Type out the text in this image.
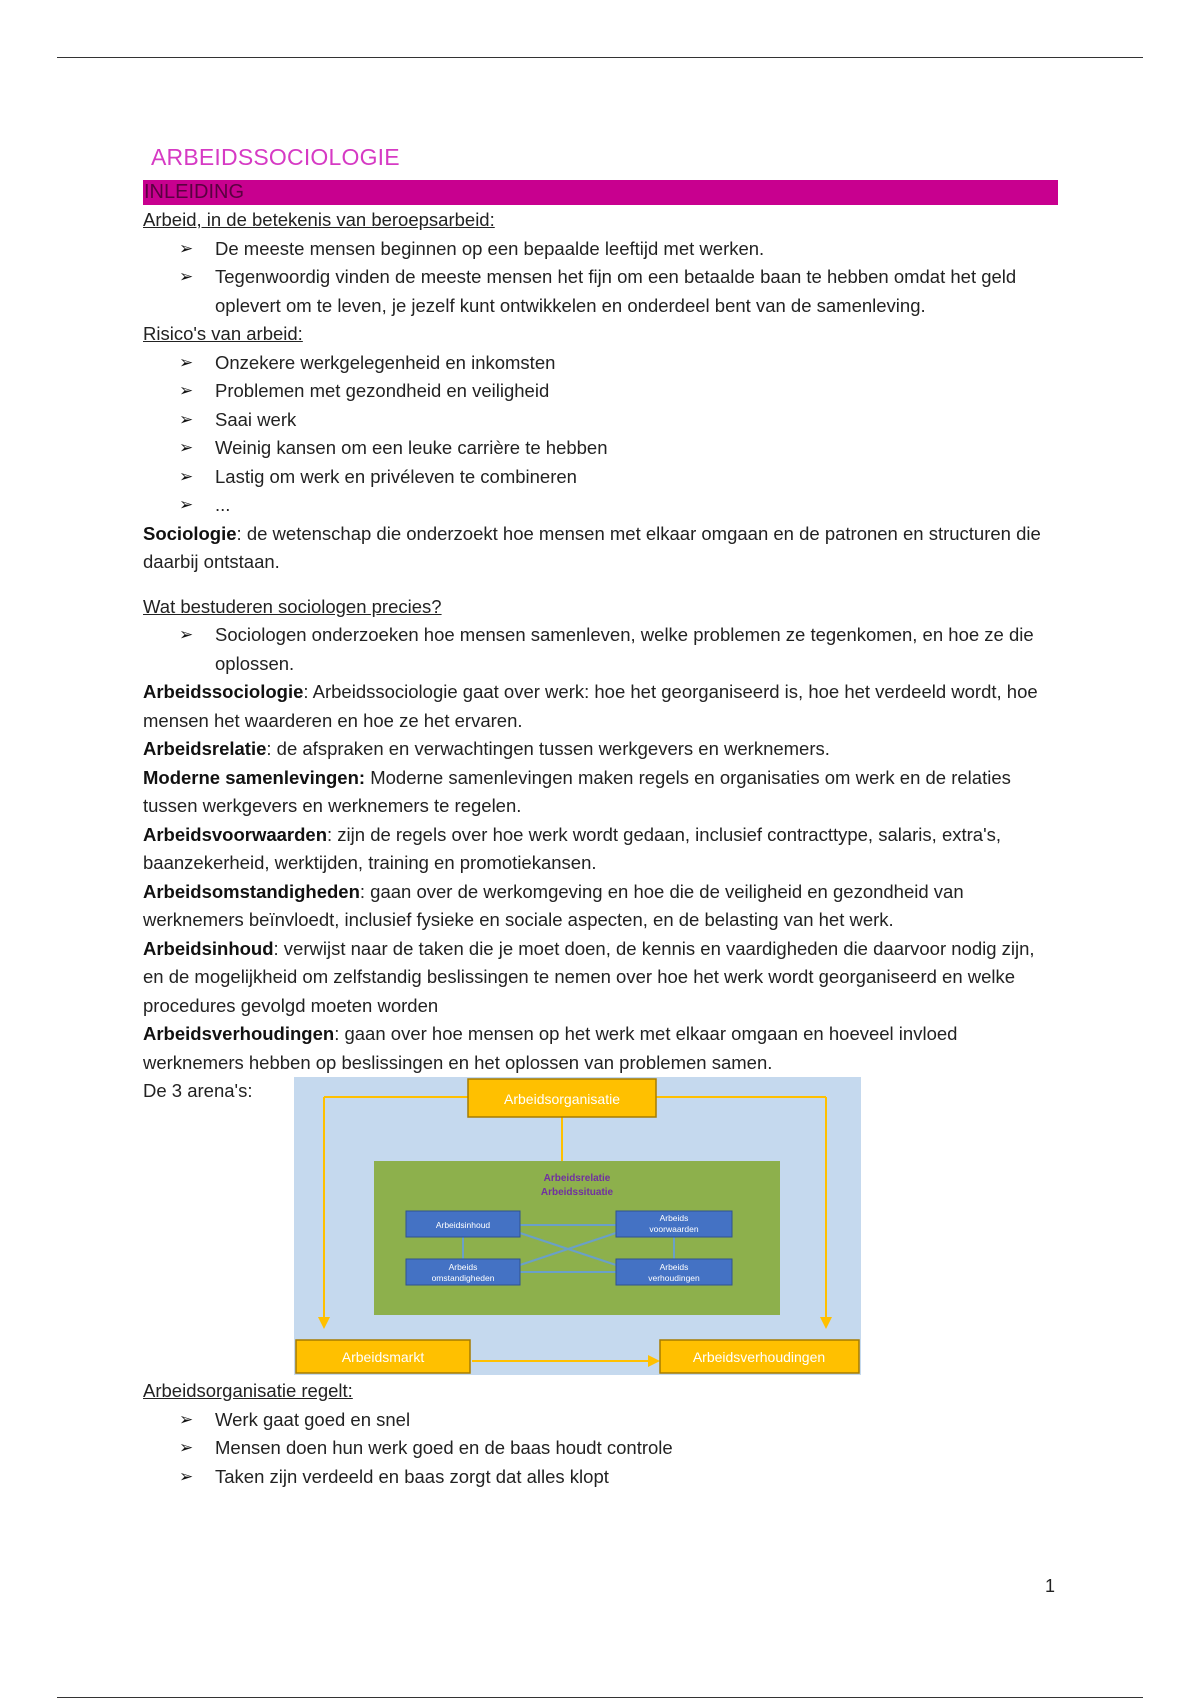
ARBEIDSSOCIOLOGIE
INLEIDING
Arbeid, in de betekenis van beroepsarbeid:
➢ De meeste mensen beginnen op een bepaalde leeftijd met werken.
➢ Tegenwoordig vinden de meeste mensen het fijn om een betaalde baan te hebben omdat het geld oplevert om te leven, je jezelf kunt ontwikkelen en onderdeel bent van de samenleving.
Risico's van arbeid:
➢ Onzekere werkgelegenheid en inkomsten
➢ Problemen met gezondheid en veiligheid
➢ Saai werk
➢ Weinig kansen om een leuke carrière te hebben
➢ Lastig om werk en privéleven te combineren
➢ ...
Sociologie: de wetenschap die onderzoekt hoe mensen met elkaar omgaan en de patronen en structuren die daarbij ontstaan.
Wat bestuderen sociologen precies?
➢ Sociologen onderzoeken hoe mensen samenleven, welke problemen ze tegenkomen, en hoe ze die oplossen.
Arbeidssociologie: Arbeidssociologie gaat over werk: hoe het georganiseerd is, hoe het verdeeld wordt, hoe mensen het waarderen en hoe ze het ervaren.
Arbeidsrelatie: de afspraken en verwachtingen tussen werkgevers en werknemers.
Moderne samenlevingen: Moderne samenlevingen maken regels en organisaties om werk en de relaties tussen werkgevers en werknemers te regelen.
Arbeidsvoorwaarden: zijn de regels over hoe werk wordt gedaan, inclusief contracttype, salaris, extra's, baanzekerheid, werktijden, training en promotiekansen.
Arbeidsomstandigheden: gaan over de werkomgeving en hoe die de veiligheid en gezondheid van werknemers beïnvloedt, inclusief fysieke en sociale aspecten, en de belasting van het werk.
Arbeidsinhoud: verwijst naar de taken die je moet doen, de kennis en vaardigheden die daarvoor nodig zijn, en de mogelijkheid om zelfstandig beslissingen te nemen over hoe het werk wordt georganiseerd en welke procedures gevolgd moeten worden
Arbeidsverhoudingen: gaan over hoe mensen op het werk met elkaar omgaan en hoeveel invloed werknemers hebben op beslissingen en het oplossen van problemen samen.
De 3 arena's:	Arbeidsorganisatie
Arbeidsrelatie
Arbeidssituatie
Arbeidsinhoud
Arbeids
voorwaarden
Arbeids
omstandigheden
Arbeids
verhoudingen
Arbeidsmarkt	Arbeidsverhoudingen
Arbeidsorganisatie regelt:
➢ Werk gaat goed en snel
➢ Mensen doen hun werk goed en de baas houdt controle
➢ Taken zijn verdeeld en baas zorgt dat alles klopt
1
